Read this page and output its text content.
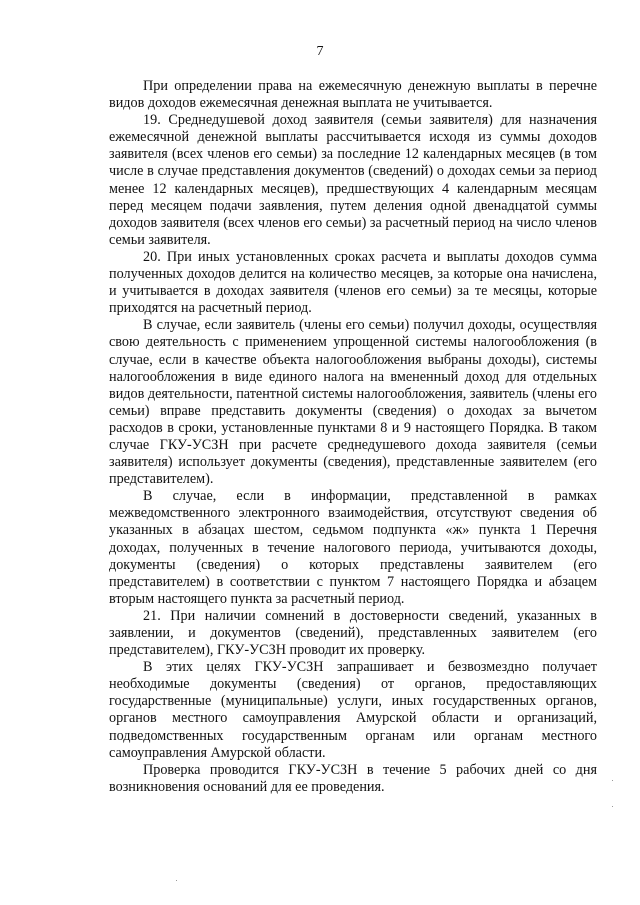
7

При определении права на ежемесячную денежную выплаты в перечне видов доходов ежемесячная денежная выплата не учитывается.

19. Среднедушевой доход заявителя (семьи заявителя) для назначения ежемесячной денежной выплаты рассчитывается исходя из суммы доходов заявителя (всех членов его семьи) за последние 12 календарных месяцев (в том числе в случае представления документов (сведений) о доходах семьи за период менее 12 календарных месяцев), предшествующих 4 календарным месяцам перед месяцем подачи заявления, путем деления одной двенадцатой суммы доходов заявителя (всех членов его семьи) за расчетный период на число членов семьи заявителя.

20. При иных установленных сроках расчета и выплаты доходов сумма полученных доходов делится на количество месяцев, за которые она начислена, и учитывается в доходах заявителя (членов его семьи) за те месяцы, которые приходятся на расчетный период.

В случае, если заявитель (члены его семьи) получил доходы, осуществляя свою деятельность с применением упрощенной системы налогообложения (в случае, если в качестве объекта налогообложения выбраны доходы), системы налогообложения в виде единого налога на вмененный доход для отдельных видов деятельности, патентной системы налогообложения, заявитель (члены его семьи) вправе представить документы (сведения) о доходах за вычетом расходов в сроки, установленные пунктами 8 и 9 настоящего Порядка. В таком случае ГКУ-УСЗН при расчете среднедушевого дохода заявителя (семьи заявителя) использует документы (сведения), представленные заявителем (его представителем).

В случае, если в информации, представленной в рамках межведомственного электронного взаимодействия, отсутствуют сведения об указанных в абзацах шестом, седьмом подпункта «ж» пункта 1 Перечня доходах, полученных в течение налогового периода, учитываются доходы, документы (сведения) о которых представлены заявителем (его представителем) в соответствии с пунктом 7 настоящего Порядка и абзацем вторым настоящего пункта за расчетный период.

21. При наличии сомнений в достоверности сведений, указанных в заявлении, и документов (сведений), представленных заявителем (его представителем), ГКУ-УСЗН проводит их проверку.

В этих целях ГКУ-УСЗН запрашивает и безвозмездно получает необходимые документы (сведения) от органов, предоставляющих государственные (муниципальные) услуги, иных государственных органов, органов местного самоуправления Амурской области и организаций, подведомственных государственным органам или органам местного самоуправления Амурской области.

Проверка проводится ГКУ-УСЗН в течение 5 рабочих дней со дня возникновения оснований для ее проведения.
